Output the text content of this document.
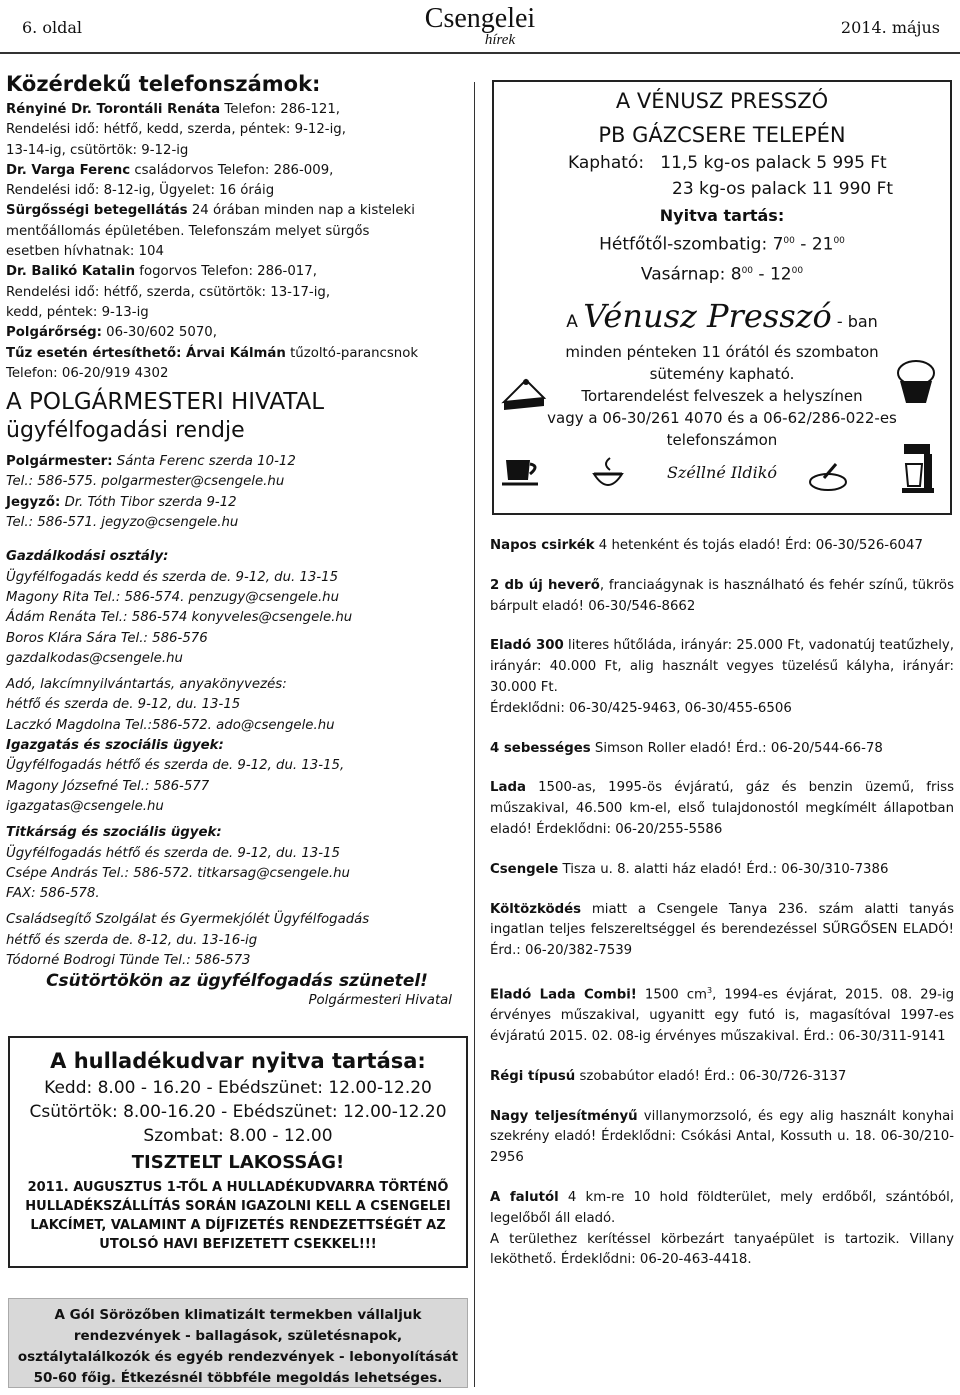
6. oldal	Csengelei
hírek
2014. május
Közérdekű telefonszámok:

Rényiné Dr. Torontáli Renáta Telefon: 286-121,

Rendelési idő: hétfő, kedd, szerda, péntek: 9-12-ig,

13-14-ig, csütörtök: 9-12-ig

Dr. Varga Ferenc családorvos Telefon: 286-009,

Rendelési idő: 8-12-ig, Ügyelet: 16 óráig

Sürgősségi betegellátás 24 órában minden nap a kisteleki

mentőállomás épületében. Telefonszám melyet sürgős

esetben hívhatnak: 104

Dr. Balikó Katalin fogorvos Telefon: 286-017,

Rendelési idő: hétfő, szerda, csütörtök: 13-17-ig,

kedd, péntek: 9-13-ig

Polgárőrség: 06-30/602 5070,

Tűz esetén értesíthető: Árvai Kálmán tűzoltó-parancsnok

Telefon: 06-20/919 4302

A POLGÁRMESTERI HIVATAL
ügyfélfogadási rendje

Polgármester: Sánta Ferenc szerda 10-12

Tel.: 586-575. polgarmester@csengele.hu

Jegyző: Dr. Tóth Tibor szerda 9-12

Tel.: 586-571. jegyzo@csengele.hu

Gazdálkodási osztály:

Ügyfélfogadás kedd és szerda de. 9-12, du. 13-15

Magony Rita Tel.: 586-574. penzugy@csengele.hu

Ádám Renáta Tel.: 586-574 konyveles@csengele.hu

Boros Klára Sára Tel.: 586-576

gazdalkodas@csengele.hu

Adó, lakcímnyilvántartás, anyakönyvezés:

hétfő és szerda de. 9-12, du. 13-15

Laczkó Magdolna Tel.:586-572. ado@csengele.hu

Igazgatás és szociális ügyek:

Ügyfélfogadás hétfő és szerda de. 9-12, du. 13-15,

Magony Józsefné Tel.: 586-577

igazgatas@csengele.hu

Titkárság és szociális ügyek:

Ügyfélfogadás hétfő és szerda de. 9-12, du. 13-15

Csépe András Tel.: 586-572. titkarsag@csengele.hu

FAX: 586-578.

Családsegítő Szolgálat és Gyermekjólét Ügyfélfogadás

hétfő és szerda de. 8-12, du. 13-16-ig

Tódorné Bodrogi Tünde Tel.: 586-573

Csütörtökön az ügyfélfogadás szünetel!

Polgármesteri Hivatal

A hulladékudvar nyitva tartása:
Kedd: 8.00 - 16.20 - Ebédszünet: 12.00-12.20
Csütörtök: 8.00-16.20 - Ebédszünet: 12.00-12.20
Szombat: 8.00 - 12.00
TISZTELT LAKOSSÁG!
2011. AUGUSZTUS 1-TŐL A HULLADÉKUDVARRA TÖRTÉNŐ HULLADÉKSZÁLLÍTÁS SORÁN IGAZOLNI KELL A CSENGELEI LAKCÍMET, VALAMINT A DÍJFIZETÉS RENDEZETTSÉGÉT AZ UTOLSÓ HAVI BEFIZETETT CSEKKEL!!!
A Gól Sörözőben klimatizált termekben vállaljuk rendezvények - ballagások, születésnapok, osztálytalálkozók és egyéb rendezvények - lebonyolítását 50-60 főig. Étkezésnél többféle megoldás lehetséges.
A VÉNUSZ PRESSZÓ
PB GÁZCSERE TELEPÉN
Kapható: 11,5 kg-os palack 5 995 Ft
23 kg-os palack 11 990 Ft
Nyitva tartás:
Hétfőtől-szombatig: $7^{00} - 21^{00}$
Vasárnap: $8^{00} - 12^{00}$
A Vénusz Presszó - ban
minden pénteken 11 órától és szombaton
sütemény kapható.
Tortarendelést felveszek a helyszínen
vagy a 06-30/261 4070 és a 06-62/286-022-es
telefonszámon
Széllné Ildikó

Napos csirkék 4 hetenként és tojás eladó! Érd: 06-30/526-6047

2 db új heverő, franciaágynak is használható és fehér színű, tükrös bárpult eladó! 06-30/546-8662

Eladó 300 literes hűtőláda, irányár: 25.000 Ft, vadonatúj teatűzhely, irányár: 40.000 Ft, alig használt vegyes tüzelésű kályha, irányár: 30.000 Ft.
Érdeklődni: 06-30/425-9463, 06-30/455-6506

4 sebességes Simson Roller eladó! Érd.: 06-20/544-66-78

Lada 1500-as, 1995-ös évjáratú, gáz és benzin üzemű, friss műszakival, 46.500 km-el, első tulajdonostól megkímélt állapotban eladó! Érdeklődni: 06-20/255-5586

Csengele Tisza u. 8. alatti ház eladó! Érd.: 06-30/310-7386

Költözködés miatt a Csengele Tanya 236. szám alatti tanyás ingatlan teljes felszereltséggel és berendezéssel SŰRGŐSEN ELADÓ! Érd.: 06-20/382-7539

Eladó Lada Combi! 1500 $cm^3$, 1994-es évjárat, 2015. 08. 29-ig érvényes műszakival, ugyanitt egy futó is, magasítóval 1997-es évjáratú 2015. 02. 08-ig érvényes műszakival. Érd.: 06-30/311-9141

Régi típusú szobabútor eladó! Érd.: 06-30/726-3137

Nagy teljesítményű villanymorzsoló, és egy alig használt konyhai szekrény eladó! Érdeklődni: Csókási Antal, Kossuth u. 18. 06-30/210-2956

A falutól 4 km-re 10 hold földterület, mely erdőből, szántóból, legelőből áll eladó.
A területhez kerítéssel körbezárt tanyaépület is tartozik. Villany leköthető. Érdeklődni: 06-20-463-4418.
